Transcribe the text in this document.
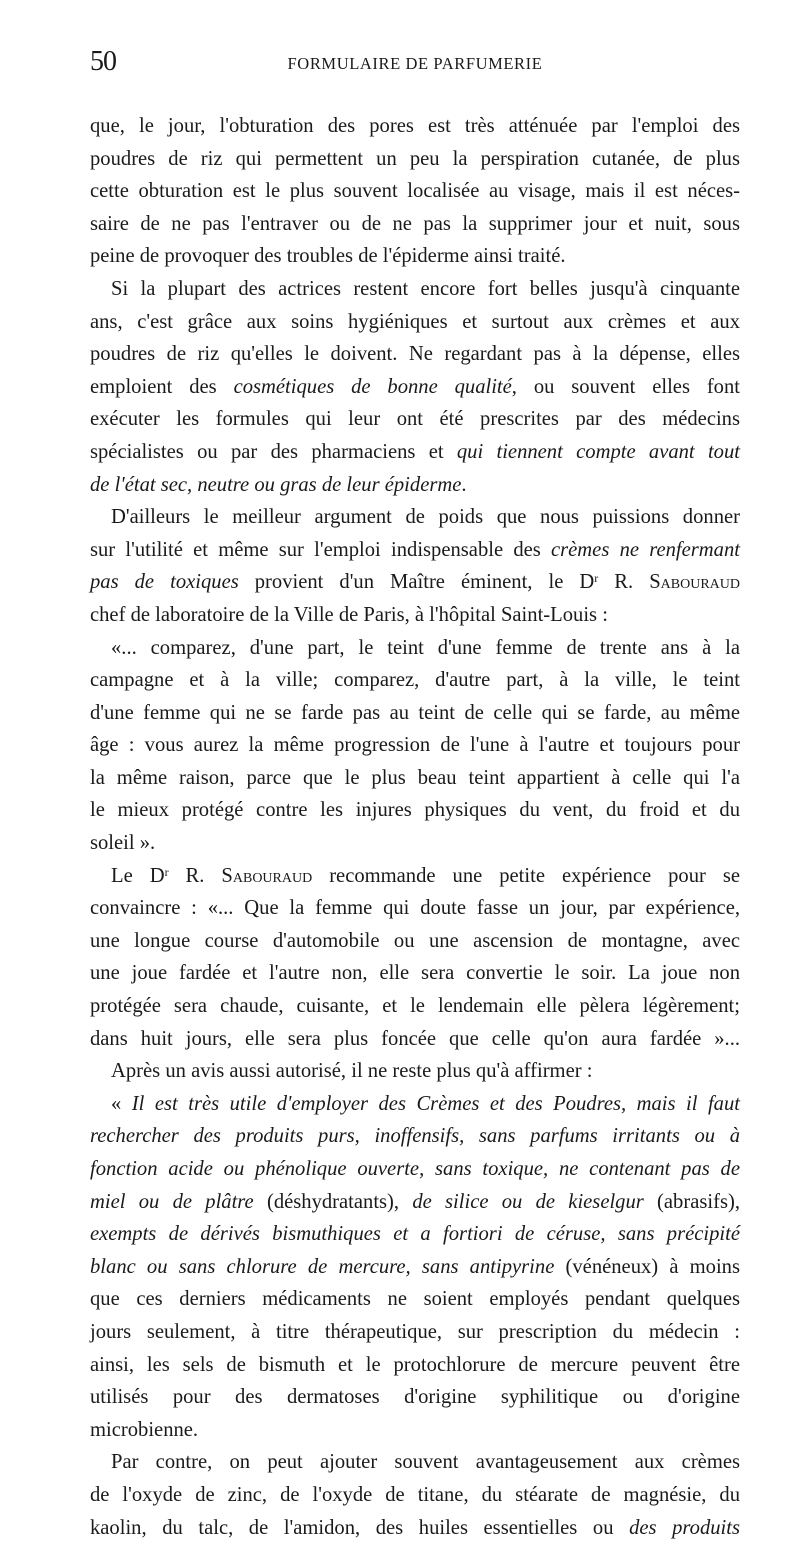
50	FORMULAIRE DE PARFUMERIE
que, le jour, l'obturation des pores est très atténuée par l'emploi des
poudres de riz qui permettent un peu la perspiration cutanée, de plus
cette obturation est le plus souvent localisée au visage, mais il est néces-
saire de ne pas l'entraver ou de ne pas la supprimer jour et nuit, sous
peine de provoquer des troubles de l'épiderme ainsi traité.
Si la plupart des actrices restent encore fort belles jusqu'à cinquante
ans, c'est grâce aux soins hygiéniques et surtout aux crèmes et aux
poudres de riz qu'elles le doivent. Ne regardant pas à la dépense, elles
emploient des cosmétiques de bonne qualité, ou souvent elles font
exécuter les formules qui leur ont été prescrites par des médecins
spécialistes ou par des pharmaciens et qui tiennent compte avant tout
de l'état sec, neutre ou gras de leur épiderme.
D'ailleurs le meilleur argument de poids que nous puissions donner
sur l'utilité et même sur l'emploi indispensable des crèmes ne renfermant
pas de toxiques provient d'un Maître éminent, le $D^r$ R. Sabouraud
chef de laboratoire de la Ville de Paris, à l'hôpital Saint-Louis :
«... comparez, d'une part, le teint d'une femme de trente ans à la
campagne et à la ville; comparez, d'autre part, à la ville, le teint
d'une femme qui ne se farde pas au teint de celle qui se farde, au même
âge : vous aurez la même progression de l'une à l'autre et toujours pour
la même raison, parce que le plus beau teint appartient à celle qui l'a
le mieux protégé contre les injures physiques du vent, du froid et du
soleil ».
Le $D^r$ R. Sabouraud recommande une petite expérience pour se
convaincre : «... Que la femme qui doute fasse un jour, par expérience,
une longue course d'automobile ou une ascension de montagne, avec
une joue fardée et l'autre non, elle sera convertie le soir. La joue non
protégée sera chaude, cuisante, et le lendemain elle pèlera légèrement;
dans huit jours, elle sera plus foncée que celle qu'on aura fardée »...
Après un avis aussi autorisé, il ne reste plus qu'à affirmer :
« Il est très utile d'employer des Crèmes et des Poudres, mais il faut
rechercher des produits purs, inoffensifs, sans parfums irritants ou à
fonction acide ou phénolique ouverte, sans toxique, ne contenant pas de
miel ou de plâtre (déshydratants), de silice ou de kieselgur (abrasifs),
exempts de dérivés bismuthiques et a fortiori de céruse, sans précipité
blanc ou sans chlorure de mercure, sans antipyrine (vénéneux) à moins
que ces derniers médicaments ne soient employés pendant quelques
jours seulement, à titre thérapeutique, sur prescription du médecin :
ainsi, les sels de bismuth et le protochlorure de mercure peuvent être
utilisés pour des dermatoses d'origine syphilitique ou d'origine
microbienne.
Par contre, on peut ajouter souvent avantageusement aux crèmes
de l'oxyde de zinc, de l'oxyde de titane, du stéarate de magnésie, du
kaolin, du talc, de l'amidon, des huiles essentielles ou des produits
